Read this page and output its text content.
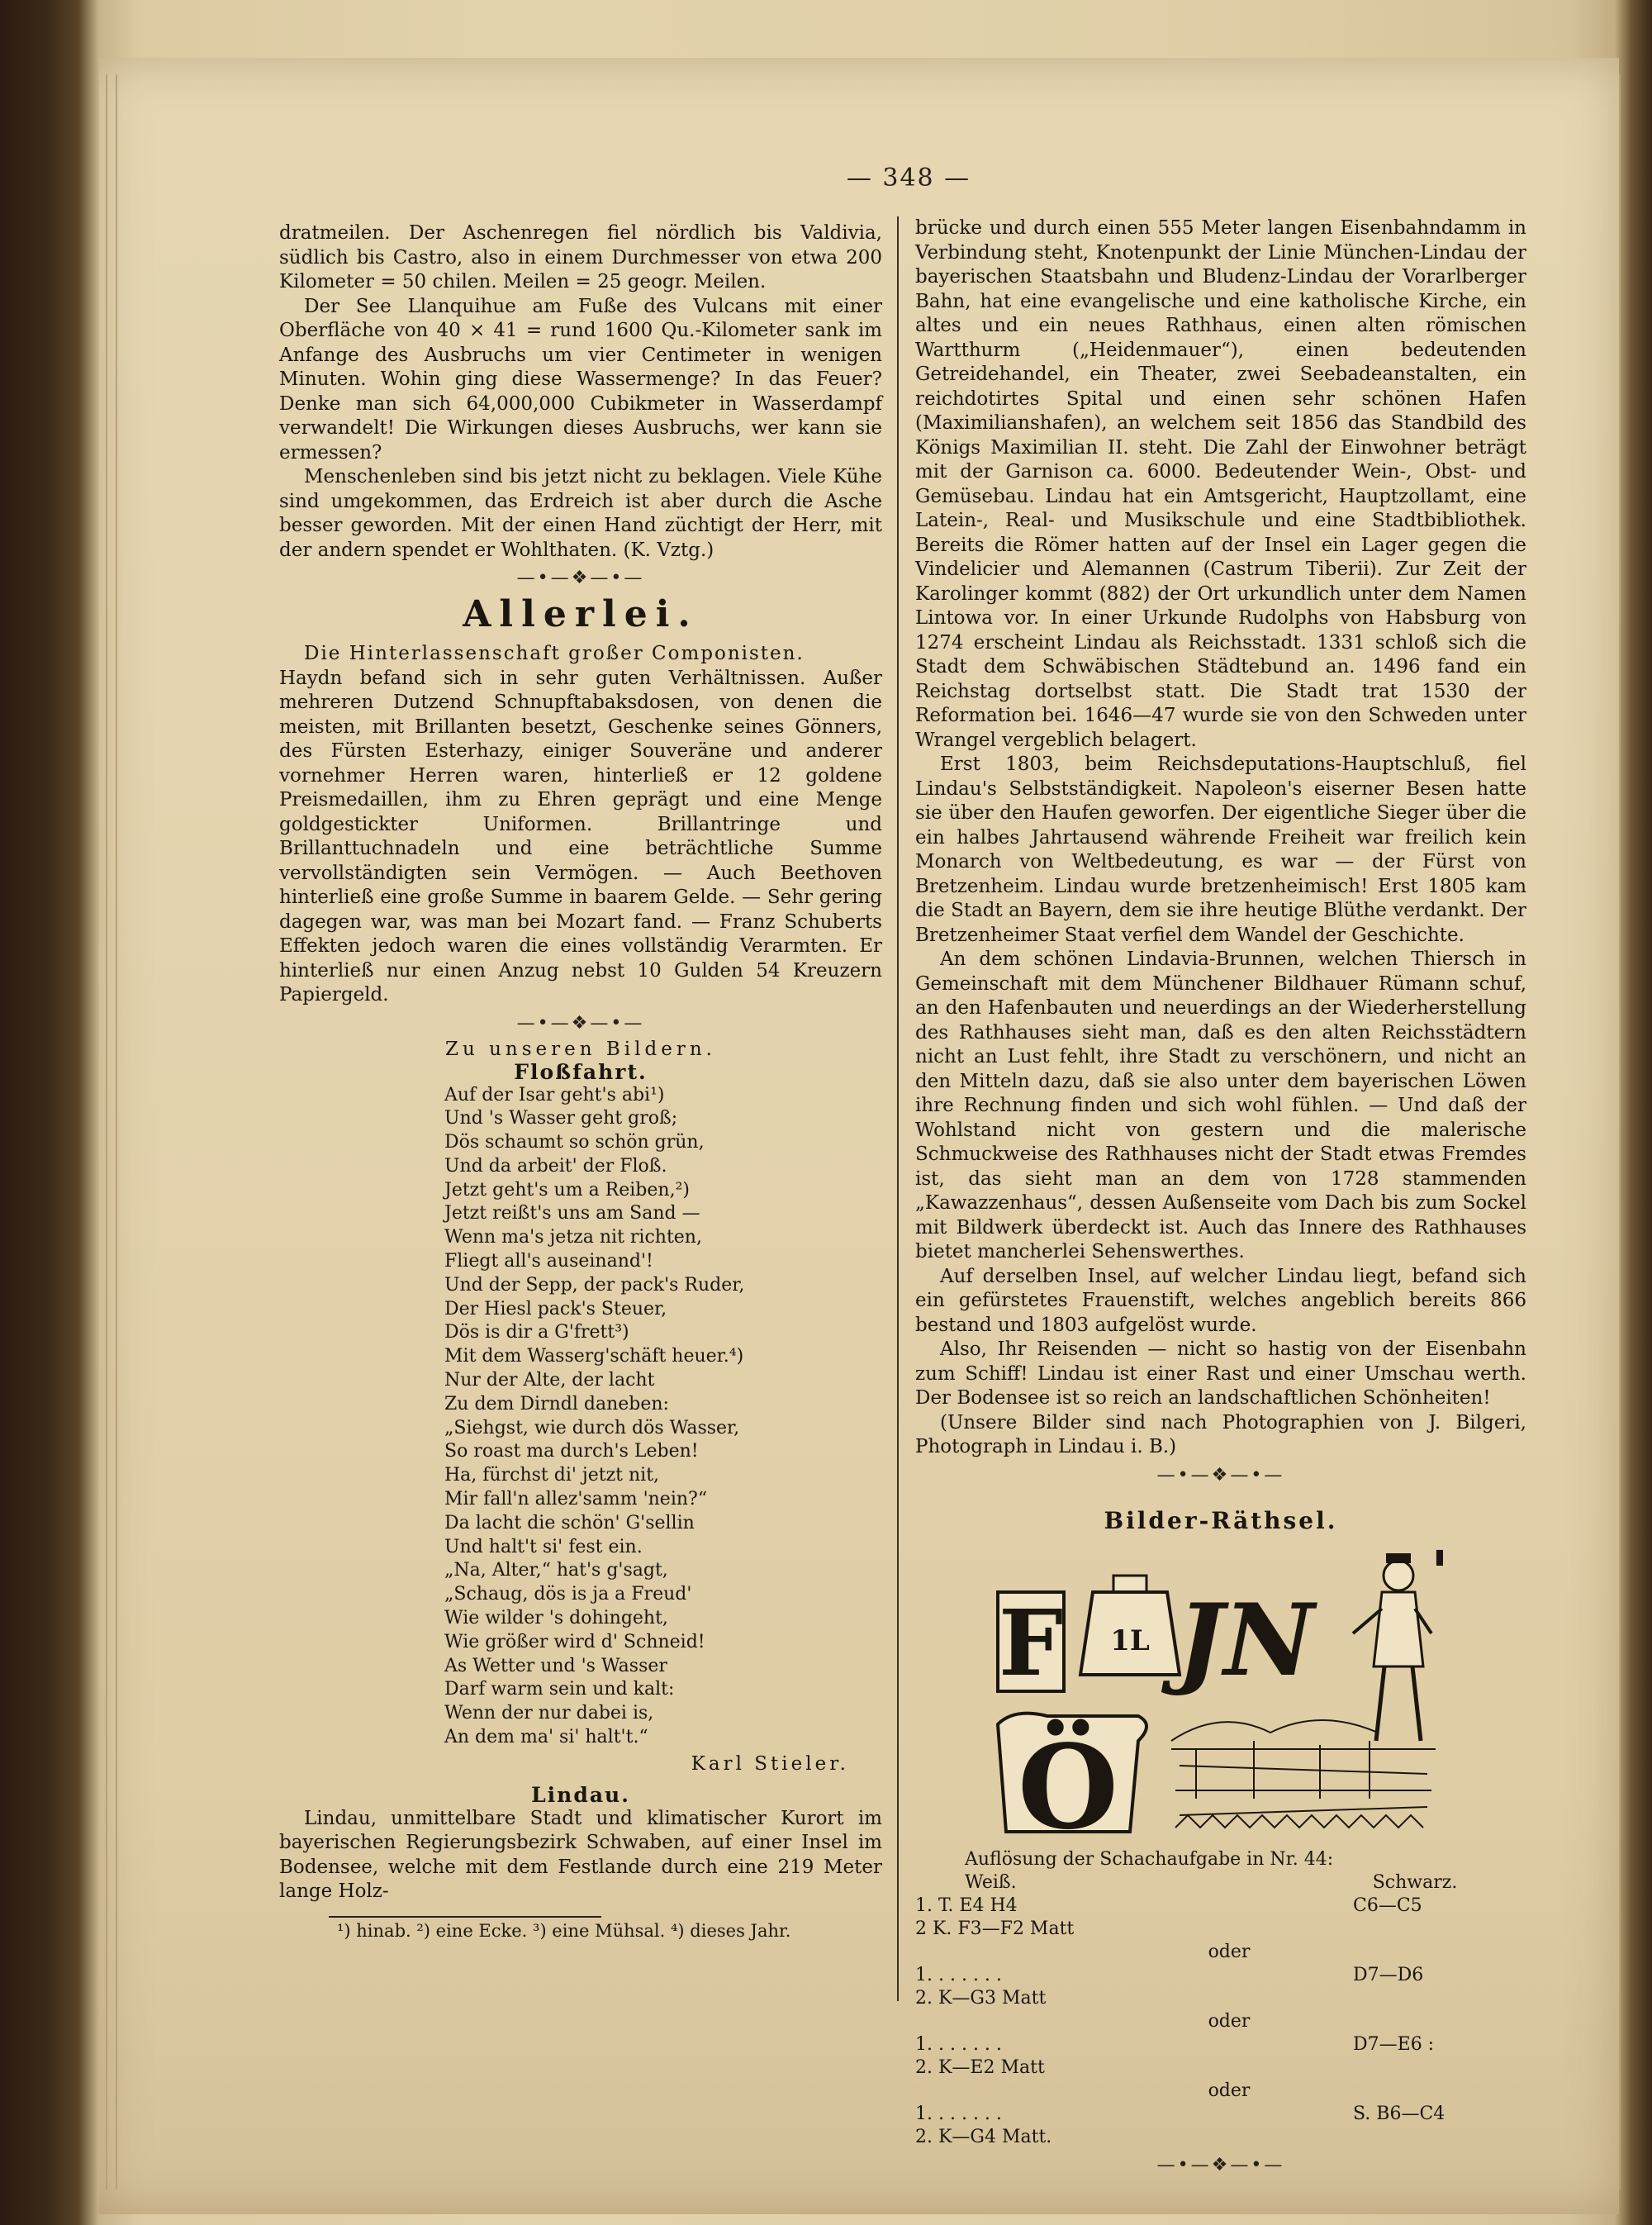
— 348 —

dratmeilen. Der Aschenregen fiel nördlich bis Valdivia, südlich bis Castro, also in einem Durchmesser von etwa 200 Kilometer = 50 chilen. Meilen = 25 geogr. Meilen.

Der See Llanquihue am Fuße des Vulcans mit einer Oberfläche von 40 × 41 = rund 1600 Qu.-Kilometer sank im Anfange des Ausbruchs um vier Centimeter in wenigen Minuten. Wohin ging diese Wassermenge? In das Feuer? Denke man sich 64,000,000 Cubikmeter in Wasserdampf verwandelt! Die Wirkungen dieses Ausbruchs, wer kann sie ermessen?

Menschenleben sind bis jetzt nicht zu beklagen. Viele Kühe sind umgekommen, das Erdreich ist aber durch die Asche besser geworden. Mit der einen Hand züchtigt der Herr, mit der andern spendet er Wohlthaten. (K. Vztg.)

—•—❖—•—
Allerlei.

Die Hinterlassenschaft großer Componisten.

Haydn befand sich in sehr guten Verhältnissen. Außer mehreren Dutzend Schnupftabaksdosen, von denen die meisten, mit Brillanten besetzt, Geschenke seines Gönners, des Fürsten Esterhazy, einiger Souveräne und anderer vornehmer Herren waren, hinterließ er 12 goldene Preismedaillen, ihm zu Ehren geprägt und eine Menge goldgestickter Uniformen. Brillantringe und Brillanttuchnadeln und eine beträchtliche Summe vervollständigten sein Vermögen. — Auch Beethoven hinterließ eine große Summe in baarem Gelde. — Sehr gering dagegen war, was man bei Mozart fand. — Franz Schuberts Effekten jedoch waren die eines vollständig Verarmten. Er hinterließ nur einen Anzug nebst 10 Gulden 54 Kreuzern Papiergeld.

—•—❖—•—
Zu unseren Bildern.
Floßfahrt.
Auf der Isar geht's abi¹)
Und 's Wasser geht groß;
Dös schaumt so schön grün,
Und da arbeit' der Floß.
Jetzt geht's um a Reiben,²)
Jetzt reißt's uns am Sand —
Wenn ma's jetza nit richten,
Fliegt all's auseinand'!
Und der Sepp, der pack's Ruder,
Der Hiesl pack's Steuer,
Dös is dir a G'frett³)
Mit dem Wasserg'schäft heuer.⁴)
Nur der Alte, der lacht
Zu dem Dirndl daneben:
„Siehgst, wie durch dös Wasser,
So roast ma durch's Leben!
Ha, fürchst di' jetzt nit,
Mir fall'n allez'samm 'nein?“
Da lacht die schön' G'sellin
Und halt't si' fest ein.
„Na, Alter,“ hat's g'sagt,
„Schaug, dös is ja a Freud'
Wie wilder 's dohingeht,
Wie größer wird d' Schneid!
As Wetter und 's Wasser
Darf warm sein und kalt:
Wenn der nur dabei is,
An dem ma' si' halt't.“
Karl Stieler.
Lindau.

Lindau, unmittelbare Stadt und klimatischer Kurort im bayerischen Regierungsbezirk Schwaben, auf einer Insel im Bodensee, welche mit dem Festlande durch eine 219 Meter lange Holz-

¹) hinab. ²) eine Ecke. ³) eine Mühsal. ⁴) dieses Jahr.

brücke und durch einen 555 Meter langen Eisenbahndamm in Verbindung steht, Knotenpunkt der Linie München-Lindau der bayerischen Staatsbahn und Bludenz-Lindau der Vorarlberger Bahn, hat eine evangelische und eine katholische Kirche, ein altes und ein neues Rathhaus, einen alten römischen Wartthurm („Heidenmauer“), einen bedeutenden Getreidehandel, ein Theater, zwei Seebadeanstalten, ein reichdotirtes Spital und einen sehr schönen Hafen (Maximilianshafen), an welchem seit 1856 das Standbild des Königs Maximilian II. steht. Die Zahl der Einwohner beträgt mit der Garnison ca. 6000. Bedeutender Wein-, Obst- und Gemüsebau. Lindau hat ein Amtsgericht, Hauptzollamt, eine Latein-, Real- und Musikschule und eine Stadtbibliothek. Bereits die Römer hatten auf der Insel ein Lager gegen die Vindelicier und Alemannen (Castrum Tiberii). Zur Zeit der Karolinger kommt (882) der Ort urkundlich unter dem Namen Lintowa vor. In einer Urkunde Rudolphs von Habsburg von 1274 erscheint Lindau als Reichsstadt. 1331 schloß sich die Stadt dem Schwäbischen Städtebund an. 1496 fand ein Reichstag dortselbst statt. Die Stadt trat 1530 der Reformation bei. 1646—47 wurde sie von den Schweden unter Wrangel vergeblich belagert.

Erst 1803, beim Reichsdeputations-Hauptschluß, fiel Lindau's Selbstständigkeit. Napoleon's eiserner Besen hatte sie über den Haufen geworfen. Der eigentliche Sieger über die ein halbes Jahrtausend währende Freiheit war freilich kein Monarch von Weltbedeutung, es war — der Fürst von Bretzenheim. Lindau wurde bretzenheimisch! Erst 1805 kam die Stadt an Bayern, dem sie ihre heutige Blüthe verdankt. Der Bretzenheimer Staat verfiel dem Wandel der Geschichte.

An dem schönen Lindavia-Brunnen, welchen Thiersch in Gemeinschaft mit dem Münchener Bildhauer Rümann schuf, an den Hafenbauten und neuerdings an der Wiederherstellung des Rathhauses sieht man, daß es den alten Reichsstädtern nicht an Lust fehlt, ihre Stadt zu verschönern, und nicht an den Mitteln dazu, daß sie also unter dem bayerischen Löwen ihre Rechnung finden und sich wohl fühlen. — Und daß der Wohlstand nicht von gestern und die malerische Schmuckweise des Rathhauses nicht der Stadt etwas Fremdes ist, das sieht man an dem von 1728 stammenden „Kawazzenhaus“, dessen Außenseite vom Dach bis zum Sockel mit Bildwerk überdeckt ist. Auch das Innere des Rathhauses bietet mancherlei Sehenswerthes.

Auf derselben Insel, auf welcher Lindau liegt, befand sich ein gefürstetes Frauenstift, welches angeblich bereits 866 bestand und 1803 aufgelöst wurde.

Also, Ihr Reisenden — nicht so hastig von der Eisenbahn zum Schiff! Lindau ist einer Rast und einer Umschau werth. Der Bodensee ist so reich an landschaftlichen Schönheiten!

(Unsere Bilder sind nach Photographien von J. Bilgeri, Photograph in Lindau i. B.)

—•—❖—•—
Bilder-Räthsel.
F 1L JN
'
Ö
Auflösung der Schachaufgabe in Nr. 44:
Weiß.	Schwarz.
1. T. E4 H4	C6—C5
2 K. F3—F2 Matt
oder
1. . . . . . .	D7—D6
2. K—G3 Matt
oder
1. . . . . . .	D7—E6 :
2. K—E2 Matt
oder
1. . . . . . .	S. B6—C4
2. K—G4 Matt.
—•—❖—•—
